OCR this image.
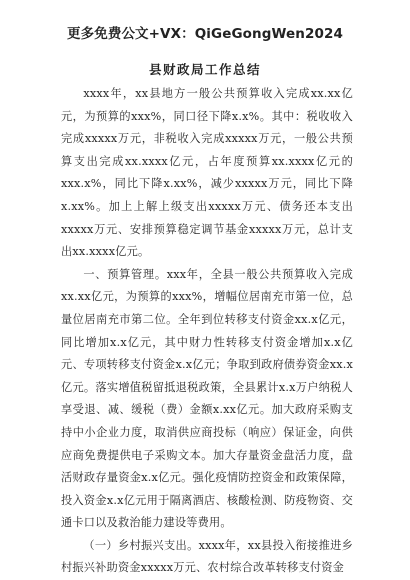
更多免费公文+VX：QiGeGongWen2024
县财政局工作总结

xxxx年，xx县地方一般公共预算收入完成xx.xx亿元，为预算的xxx%，同口径下降x.x%。其中：税收收入完成xxxxx万元，非税收入完成xxxxx万元，一般公共预算支出完成xx.xxxx亿元，占年度预算xx.xxxx亿元的xxx.x%，同比下降x.xx%，减少xxxxx万元，同比下降x.xx%。加上上解上级支出xxxxx万元、债务还本支出xxxxx万元、安排预算稳定调节基金xxxxx万元，总计支出xx.xxxx亿元。

一、预算管理。xxx年，全县一般公共预算收入完成xx.xx亿元，为预算的xxx%，增幅位居南充市第一位，总量位居南充市第二位。全年到位转移支付资金xx.x亿元，同比增加x.x亿元，其中财力性转移支付资金增加x.x亿元、专项转移支付资金x.x亿元；争取到政府债券资金xx.x亿元。落实增值税留抵退税政策，全县累计x.x万户纳税人享受退、减、缓税（费）金额x.xx亿元。加大政府采购支持中小企业力度，取消供应商投标（响应）保证金，向供应商免费提供电子采购文本。加大存量资金盘活力度，盘活财政存量资金x.x亿元。强化疫情防控资金和政策保障，投入资金x.x亿元用于隔离酒店、核酸检测、防疫物资、交通卡口以及救治能力建设等费用。

（一）乡村振兴支出。xxxx年，xx县投入衔接推进乡村振兴补助资金xxxxx万元、农村综合改革转移支付资金
